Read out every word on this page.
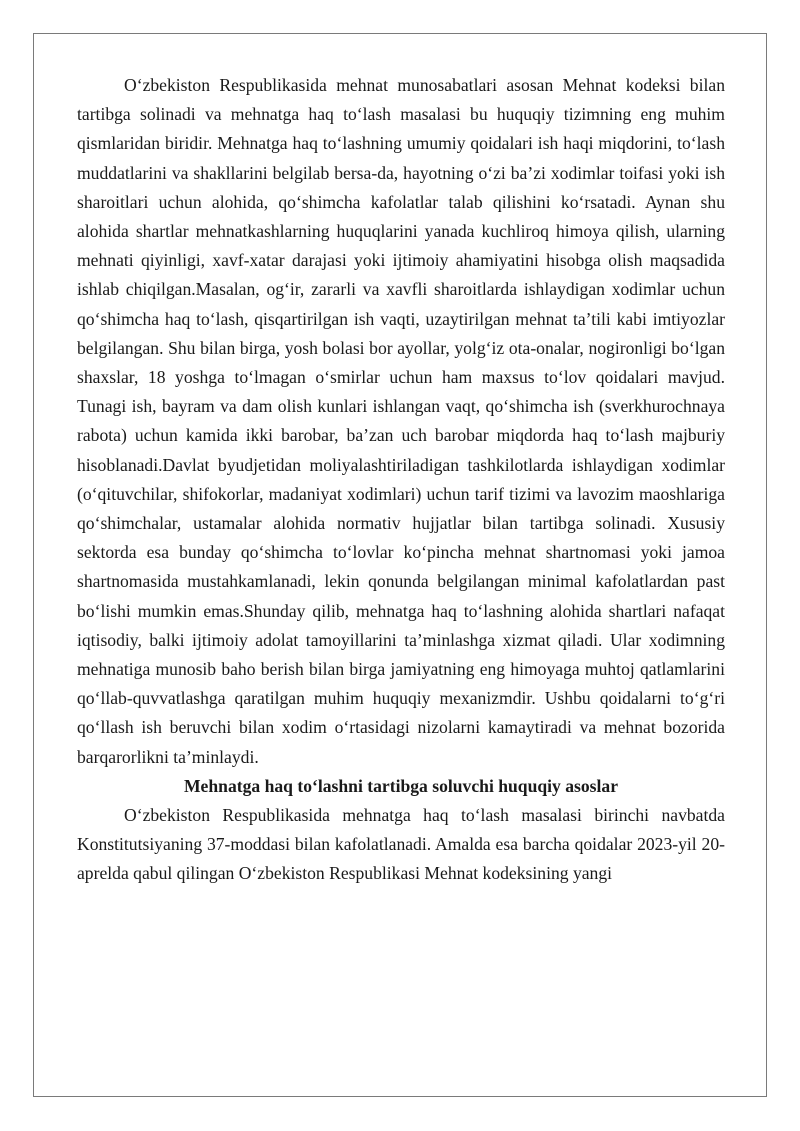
O‘zbekiston Respublikasida mehnat munosabatlari asosan Mehnat kodeksi bilan tartibga solinadi va mehnatga haq to‘lash masalasi bu huquqiy tizimning eng muhim qismlaridan biridir. Mehnatga haq to‘lashning umumiy qoidalari ish haqi miqdorini, to‘lash muddatlarini va shakllarini belgilab bersa-da, hayotning o‘zi ba’zi xodimlar toifasi yoki ish sharoitlari uchun alohida, qo‘shimcha kafolatlar talab qilishini ko‘rsatadi. Aynan shu alohida shartlar mehnatkashlarning huquqlarini yanada kuchliroq himoya qilish, ularning mehnati qiyinligi, xavf-xatar darajasi yoki ijtimoiy ahamiyatini hisobga olish maqsadida ishlab chiqilgan.Masalan, og‘ir, zararli va xavfli sharoitlarda ishlaydigan xodimlar uchun qo‘shimcha haq to‘lash, qisqartirilgan ish vaqti, uzaytirilgan mehnat ta’tili kabi imtiyozlar belgilangan. Shu bilan birga, yosh bolasi bor ayollar, yolg‘iz ota-onalar, nogironligi bo‘lgan shaxslar, 18 yoshga to‘lmagan o‘smirlar uchun ham maxsus to‘lov qoidalari mavjud. Tunagi ish, bayram va dam olish kunlari ishlangan vaqt, qo‘shimcha ish (sverkhurochnaya rabota) uchun kamida ikki barobar, ba’zan uch barobar miqdorda haq to‘lash majburiy hisoblanadi.Davlat byudjetidan moliyalashtiriladigan tashkilotlarda ishlaydigan xodimlar (o‘qituvchilar, shifokorlar, madaniyat xodimlari) uchun tarif tizimi va lavozim maoshlariga qo‘shimchalar, ustamalar alohida normativ hujjatlar bilan tartibga solinadi. Xususiy sektorda esa bunday qo‘shimcha to‘lovlar ko‘pincha mehnat shartnomasi yoki jamoa shartnomasida mustahkamlanadi, lekin qonunda belgilangan minimal kafolatlardan past bo‘lishi mumkin emas.Shunday qilib, mehnatga haq to‘lashning alohida shartlari nafaqat iqtisodiy, balki ijtimoiy adolat tamoyillarini ta’minlashga xizmat qiladi. Ular xodimning mehnatiga munosib baho berish bilan birga jamiyatning eng himoyaga muhtoj qatlamlarini qo‘llab-quvvatlashga qaratilgan muhim huquqiy mexanizmdir. Ushbu qoidalarni to‘g‘ri qo‘llash ish beruvchi bilan xodim o‘rtasidagi nizolarni kamaytiradi va mehnat bozorida barqarorlikni ta’minlaydi.

Mehnatga haq to‘lashni tartibga soluvchi huquqiy asoslar

O‘zbekiston Respublikasida mehnatga haq to‘lash masalasi birinchi navbatda Konstitutsiyaning 37-moddasi bilan kafolatlanadi. Amalda esa barcha qoidalar 2023-yil 20-aprelda qabul qilingan O‘zbekiston Respublikasi Mehnat kodeksining yangi
